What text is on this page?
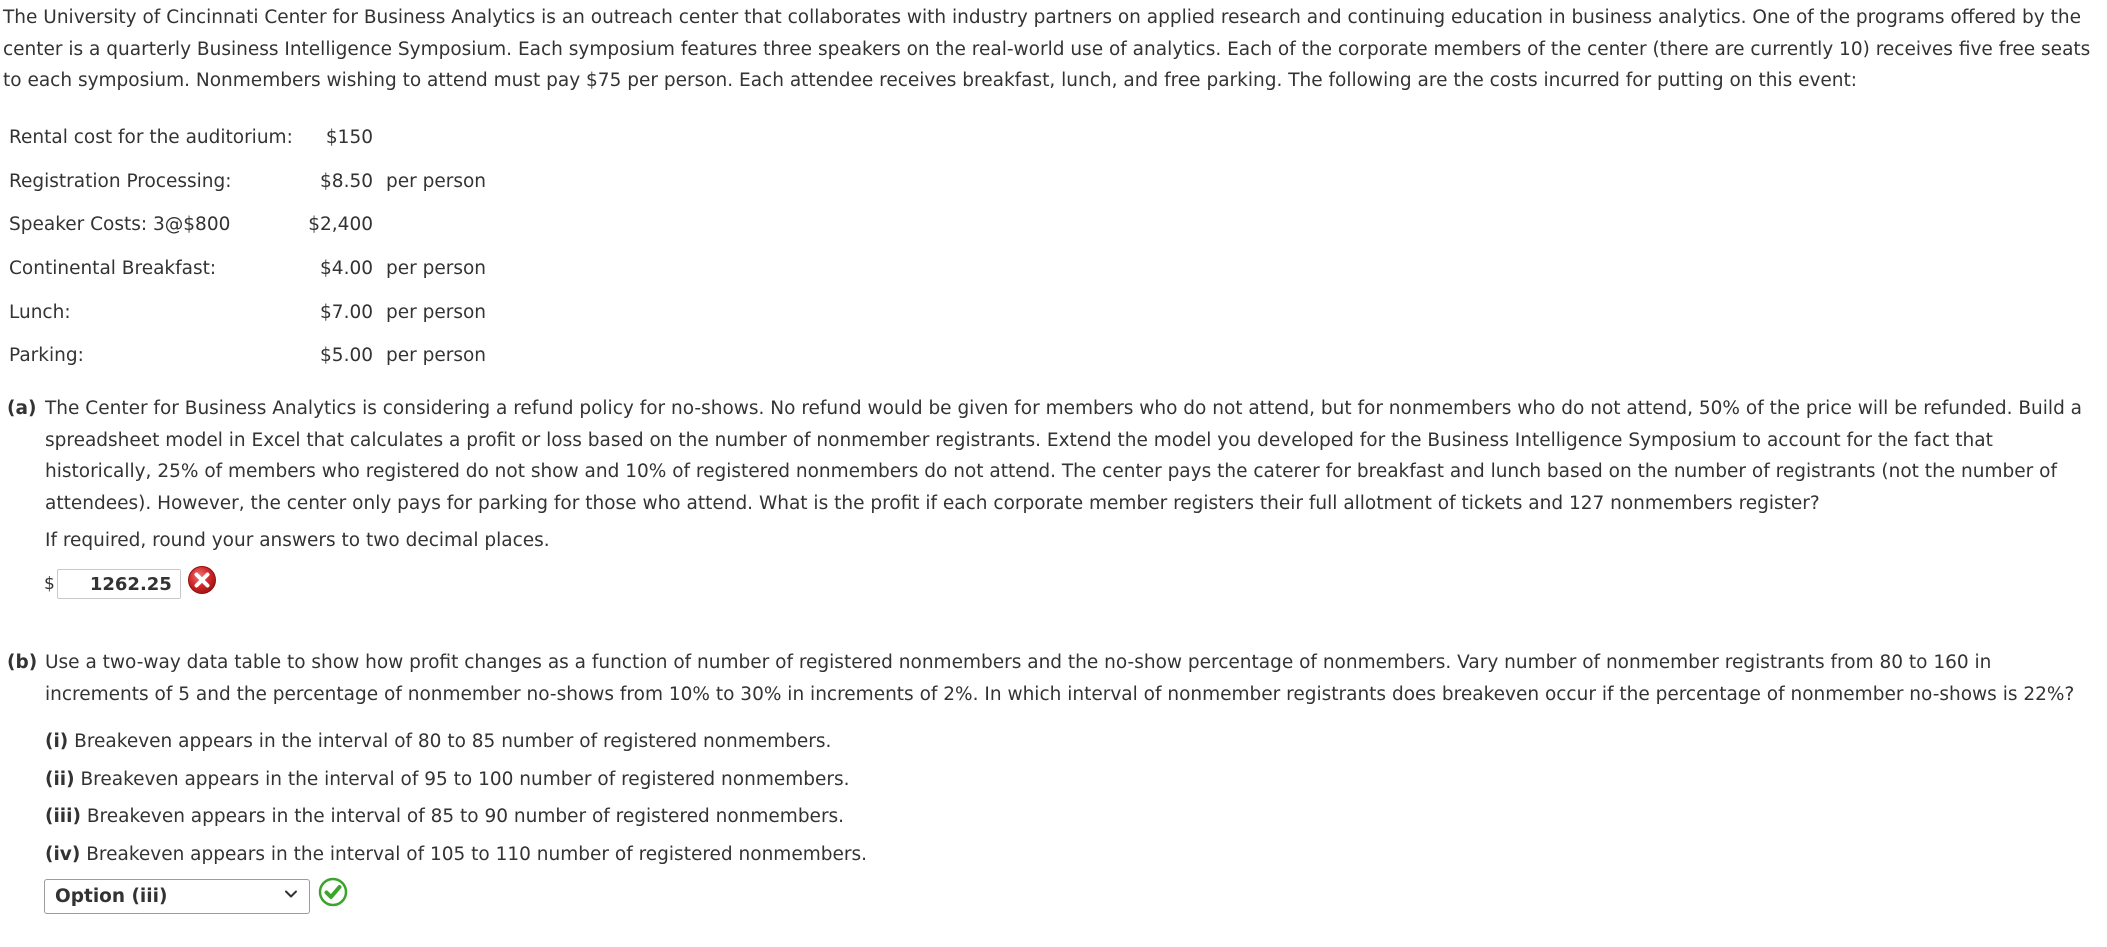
The University of Cincinnati Center for Business Analytics is an outreach center that collaborates with industry partners on applied research and continuing education in business analytics. One of the programs offered by the center is a quarterly Business Intelligence Symposium. Each symposium features three speakers on the real-world use of analytics. Each of the corporate members of the center (there are currently 10) receives five free seats to each symposium. Nonmembers wishing to attend must pay $75 per person. Each attendee receives breakfast, lunch, and free parking. The following are the costs incurred for putting on this event:

Rental cost for the auditorium:	$150	
Registration Processing:	$8.50	per person
Speaker Costs: 3@$800	$2,400	
Continental Breakfast:	$4.00	per person
Lunch:	$7.00	per person
Parking:	$5.00	per person
(a) The Center for Business Analytics is considering a refund policy for no-shows. No refund would be given for members who do not attend, but for nonmembers who do not attend, 50% of the price will be refunded. Build a spreadsheet model in Excel that calculates a profit or loss based on the number of nonmember registrants. Extend the model you developed for the Business Intelligence Symposium to account for the fact that historically, 25% of members who registered do not show and 10% of registered nonmembers do not attend. The center pays the caterer for breakfast and lunch based on the number of registrants (not the number of attendees). However, the center only pays for parking for those who attend. What is the profit if each corporate member registers their full allotment of tickets and 127 nonmembers register?
If required, round your answers to two decimal places.
$
1262.25
(b) Use a two-way data table to show how profit changes as a function of number of registered nonmembers and the no-show percentage of nonmembers. Vary number of nonmember registrants from 80 to 160 in increments of 5 and the percentage of nonmember no-shows from 10% to 30% in increments of 2%. In which interval of nonmember registrants does breakeven occur if the percentage of nonmember no-shows is 22%?
(i) Breakeven appears in the interval of 80 to 85 number of registered nonmembers.
(ii) Breakeven appears in the interval of 95 to 100 number of registered nonmembers.
(iii) Breakeven appears in the interval of 85 to 90 number of registered nonmembers.
(iv) Breakeven appears in the interval of 105 to 110 number of registered nonmembers.
Option (iii)
